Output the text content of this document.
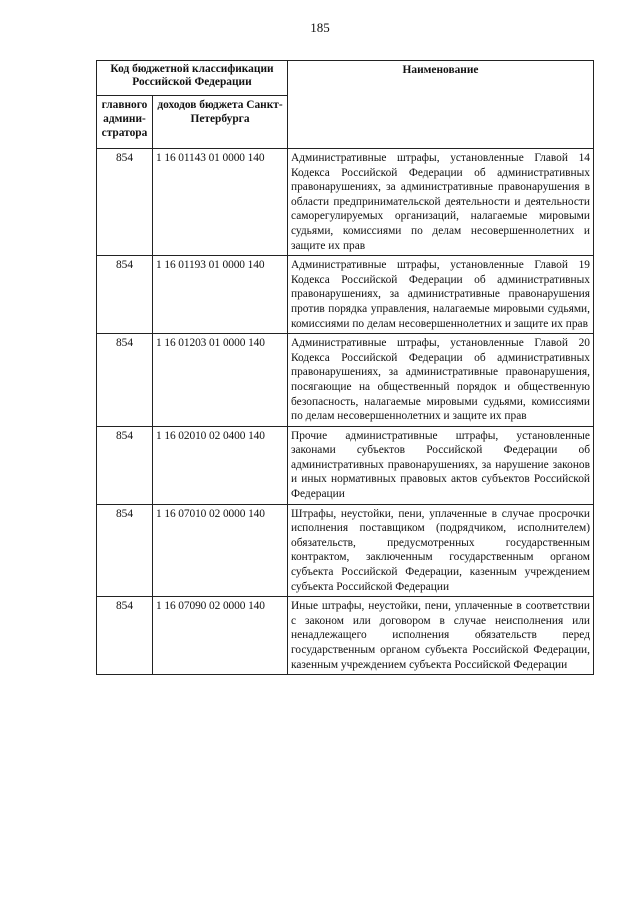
185
Код бюджетной классификации Российской Федерации		Наименование
главного админи-стратора	доходов бюджета Санкт-Петербурга	
854	1 16 01143 01 0000 140	Административные штрафы, установленные Главой 14 Кодекса Российской Федерации об административных правонарушениях, за административные правонарушения в области предпринимательской деятельности и деятельности саморегулируемых организаций, налагаемые мировыми судьями, комиссиями по делам несовершеннолетних и защите их прав
854	1 16 01193 01 0000 140	Административные штрафы, установленные Главой 19 Кодекса Российской Федерации об административных правонарушениях, за административные правонарушения против порядка управления, налагаемые мировыми судьями, комиссиями по делам несовершеннолетних и защите их прав
854	1 16 01203 01 0000 140	Административные штрафы, установленные Главой 20 Кодекса Российской Федерации об административных правонарушениях, за административные правонарушения, посягающие на общественный порядок и общественную безопасность, налагаемые мировыми судьями, комиссиями по делам несовершеннолетних и защите их прав
854	1 16 02010 02 0400 140	Прочие административные штрафы, установленные законами субъектов Российской Федерации об административных правонарушениях, за нарушение законов и иных нормативных правовых актов субъектов Российской Федерации
854	1 16 07010 02 0000 140	Штрафы, неустойки, пени, уплаченные в случае просрочки исполнения поставщиком (подрядчиком, исполнителем) обязательств, предусмотренных государственным контрактом, заключенным государственным органом субъекта Российской Федерации, казенным учреждением субъекта Российской Федерации
854	1 16 07090 02 0000 140	Иные штрафы, неустойки, пени, уплаченные в соответствии с законом или договором в случае неисполнения или ненадлежащего исполнения обязательств перед государственным органом субъекта Российской Федерации, казенным учреждением субъекта Российской Федерации
